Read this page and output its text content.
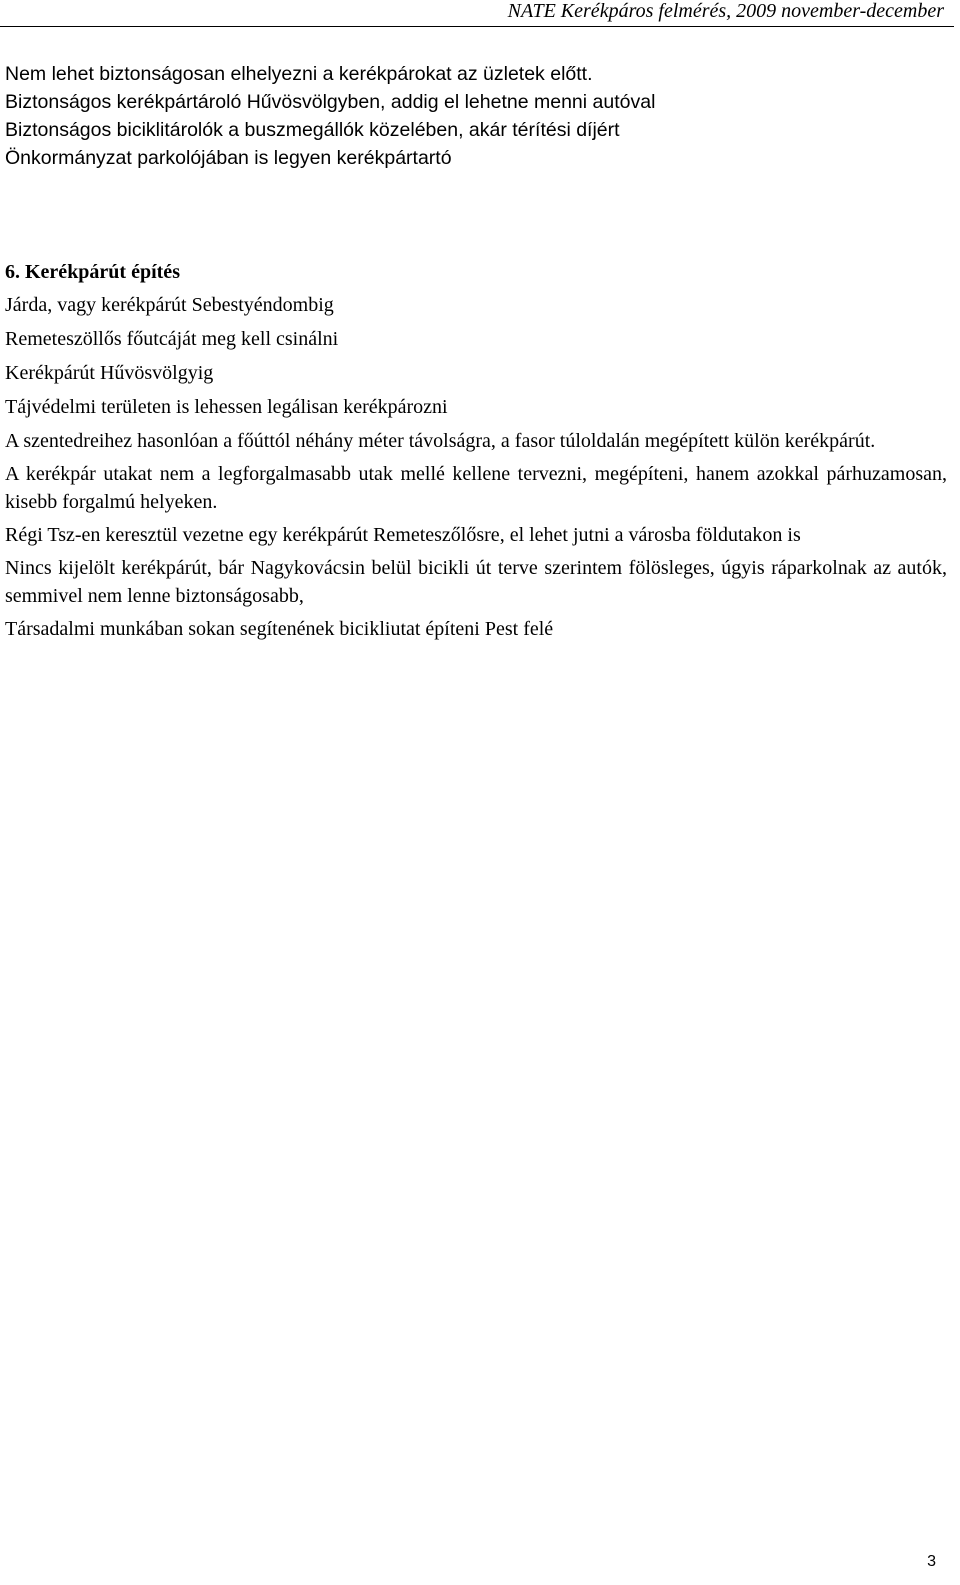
NATE Kerékpáros felmérés, 2009 november-december

Nem lehet biztonságosan elhelyezni a kerékpárokat az üzletek előtt.

Biztonságos kerékpártároló Hűvösvölgyben, addig el lehetne menni autóval

Biztonságos biciklitárolók a buszmegállók közelében, akár térítési díjért

Önkormányzat parkolójában is legyen kerékpártartó

6. Kerékpárút építés

Járda, vagy kerékpárút Sebestyéndombig

Remeteszöllős főutcáját meg kell csinálni

Kerékpárút Hűvösvölgyig

Tájvédelmi területen is lehessen legálisan kerékpározni

A szentedreihez hasonlóan a főúttól néhány méter távolságra, a fasor túloldalán megépített külön kerékpárút.

A kerékpár utakat nem a legforgalmasabb utak mellé kellene tervezni, megépíteni, hanem azokkal párhuzamosan, kisebb forgalmú helyeken.

Régi Tsz-en keresztül vezetne egy kerékpárút Remeteszőlősre, el lehet jutni a városba földutakon is

Nincs kijelölt kerékpárút, bár Nagykovácsin belül bicikli út terve szerintem fölösleges, úgyis ráparkolnak az autók, semmivel nem lenne biztonságosabb,

Társadalmi munkában sokan segítenének bicikliutat építeni Pest felé

3
